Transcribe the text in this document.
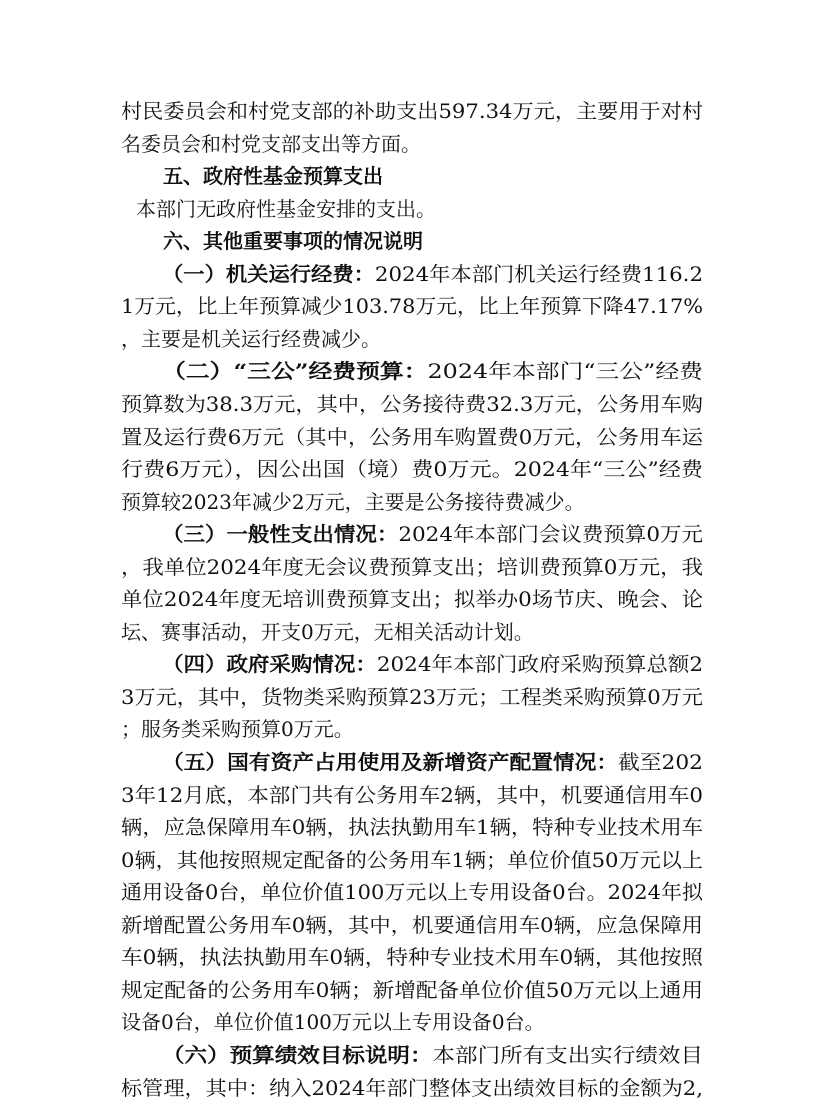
村民委员会和村党支部的补助支出597.34万元，主要用于对村
名委员会和村党支部支出等方面。
五、政府性基金预算支出
本部门无政府性基金安排的支出。
六、其他重要事项的情况说明
（一）机关运行经费：2024年本部门机关运行经费116.2
1万元，比上年预算减少103.78万元，比上年预算下降47.17%
，主要是机关运行经费减少。
（二）“三公”经费预算：2024年本部门“三公”经费
预算数为38.3万元，其中，公务接待费32.3万元，公务用车购
置及运行费6万元（其中，公务用车购置费0万元，公务用车运
行费6万元），因公出国（境）费0万元。2024年“三公”经费
预算较2023年减少2万元，主要是公务接待费减少。
（三）一般性支出情况：2024年本部门会议费预算0万元
，我单位2024年度无会议费预算支出；培训费预算0万元，我
单位2024年度无培训费预算支出；拟举办0场节庆、晚会、论
坛、赛事活动，开支0万元，无相关活动计划。
（四）政府采购情况：2024年本部门政府采购预算总额2
3万元，其中，货物类采购预算23万元；工程类采购预算0万元
；服务类采购预算0万元。
（五）国有资产占用使用及新增资产配置情况：截至202
3年12月底，本部门共有公务用车2辆，其中，机要通信用车0
辆，应急保障用车0辆，执法执勤用车1辆，特种专业技术用车
0辆，其他按照规定配备的公务用车1辆；单位价值50万元以上
通用设备0台，单位价值100万元以上专用设备0台。2024年拟
新增配置公务用车0辆，其中，机要通信用车0辆，应急保障用
车0辆，执法执勤用车0辆，特种专业技术用车0辆，其他按照
规定配备的公务用车0辆；新增配备单位价值50万元以上通用
设备0台，单位价值100万元以上专用设备0台。
（六）预算绩效目标说明：本部门所有支出实行绩效目
标管理，其中：纳入2024年部门整体支出绩效目标的金额为2,
